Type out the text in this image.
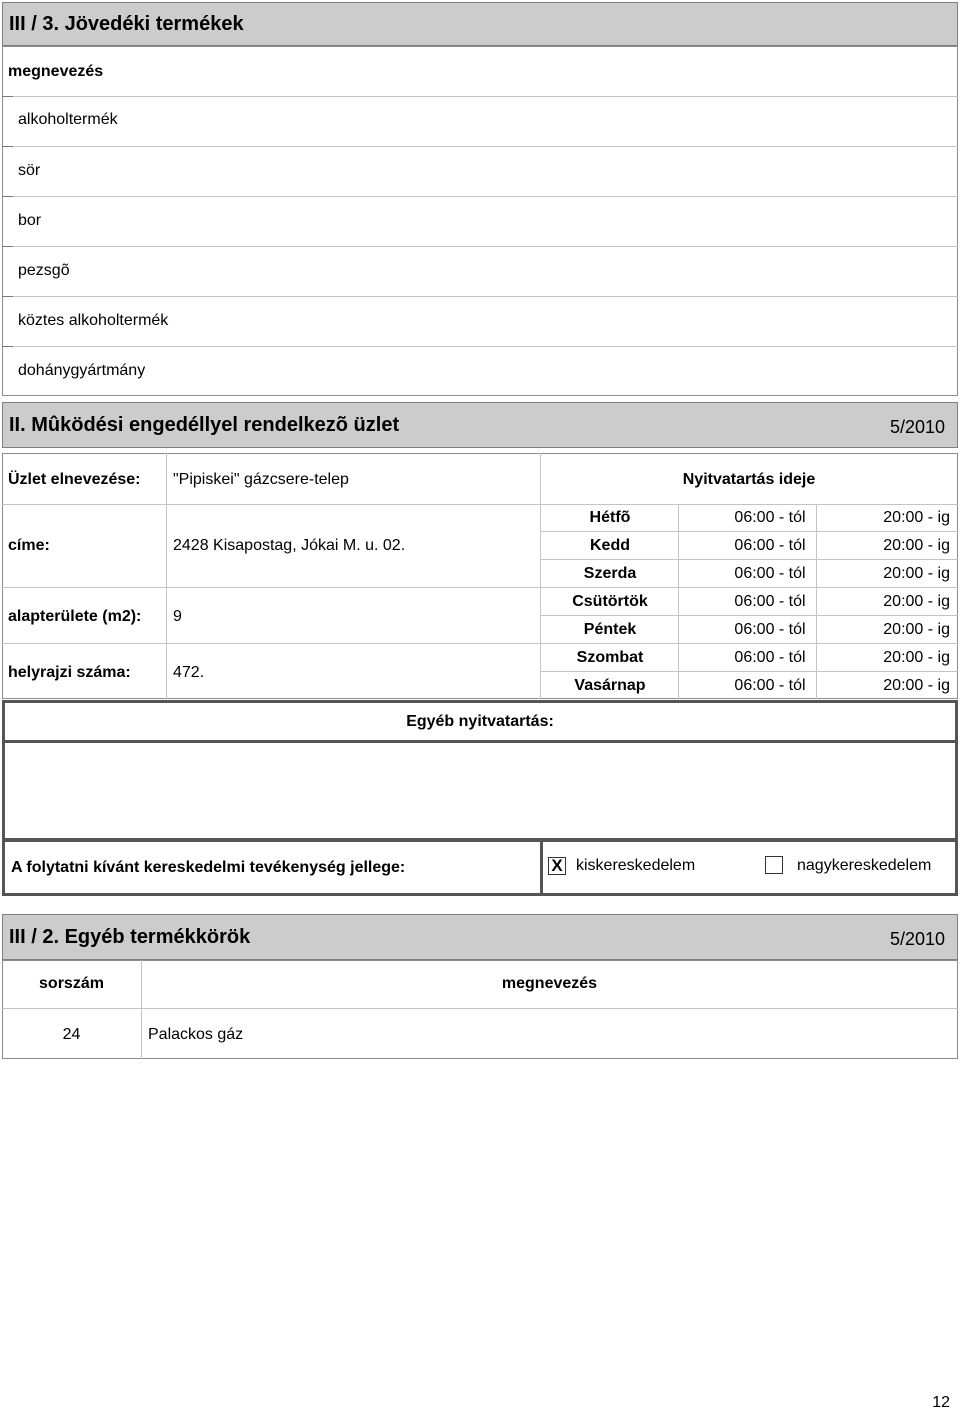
III / 3. Jövedéki termékek
megnevezés
alkoholtermék
sör
bor
pezsgõ
köztes alkoholtermék
dohánygyártmány
II. Mûködési engedéllyel rendelkezõ üzlet	5/2010
Üzlet elnevezése: "Pipiskei" gázcsere-telep	Nyitvatartás ideje
címe:	2428 Kisapostag, Jókai M. u. 02.
alapterülete (m2): 9
helyrajzi száma:	472.
Hétfõ	06:00 - tól	20:00 - ig
Kedd	06:00 - tól	20:00 - ig
Szerda	06:00 - tól	20:00 - ig
Csütörtök	06:00 - tól	20:00 - ig
Péntek	06:00 - tól	20:00 - ig
Szombat	06:00 - tól	20:00 - ig
Vasárnap	06:00 - tól	20:00 - ig
Egyéb nyitvatartás:
A folytatni kívánt kereskedelmi tevékenység jellege:	X kiskereskedelem	nagykereskedelem
III / 2. Egyéb termékkörök	5/2010
sorszám	megnevezés
24	Palackos gáz
12
